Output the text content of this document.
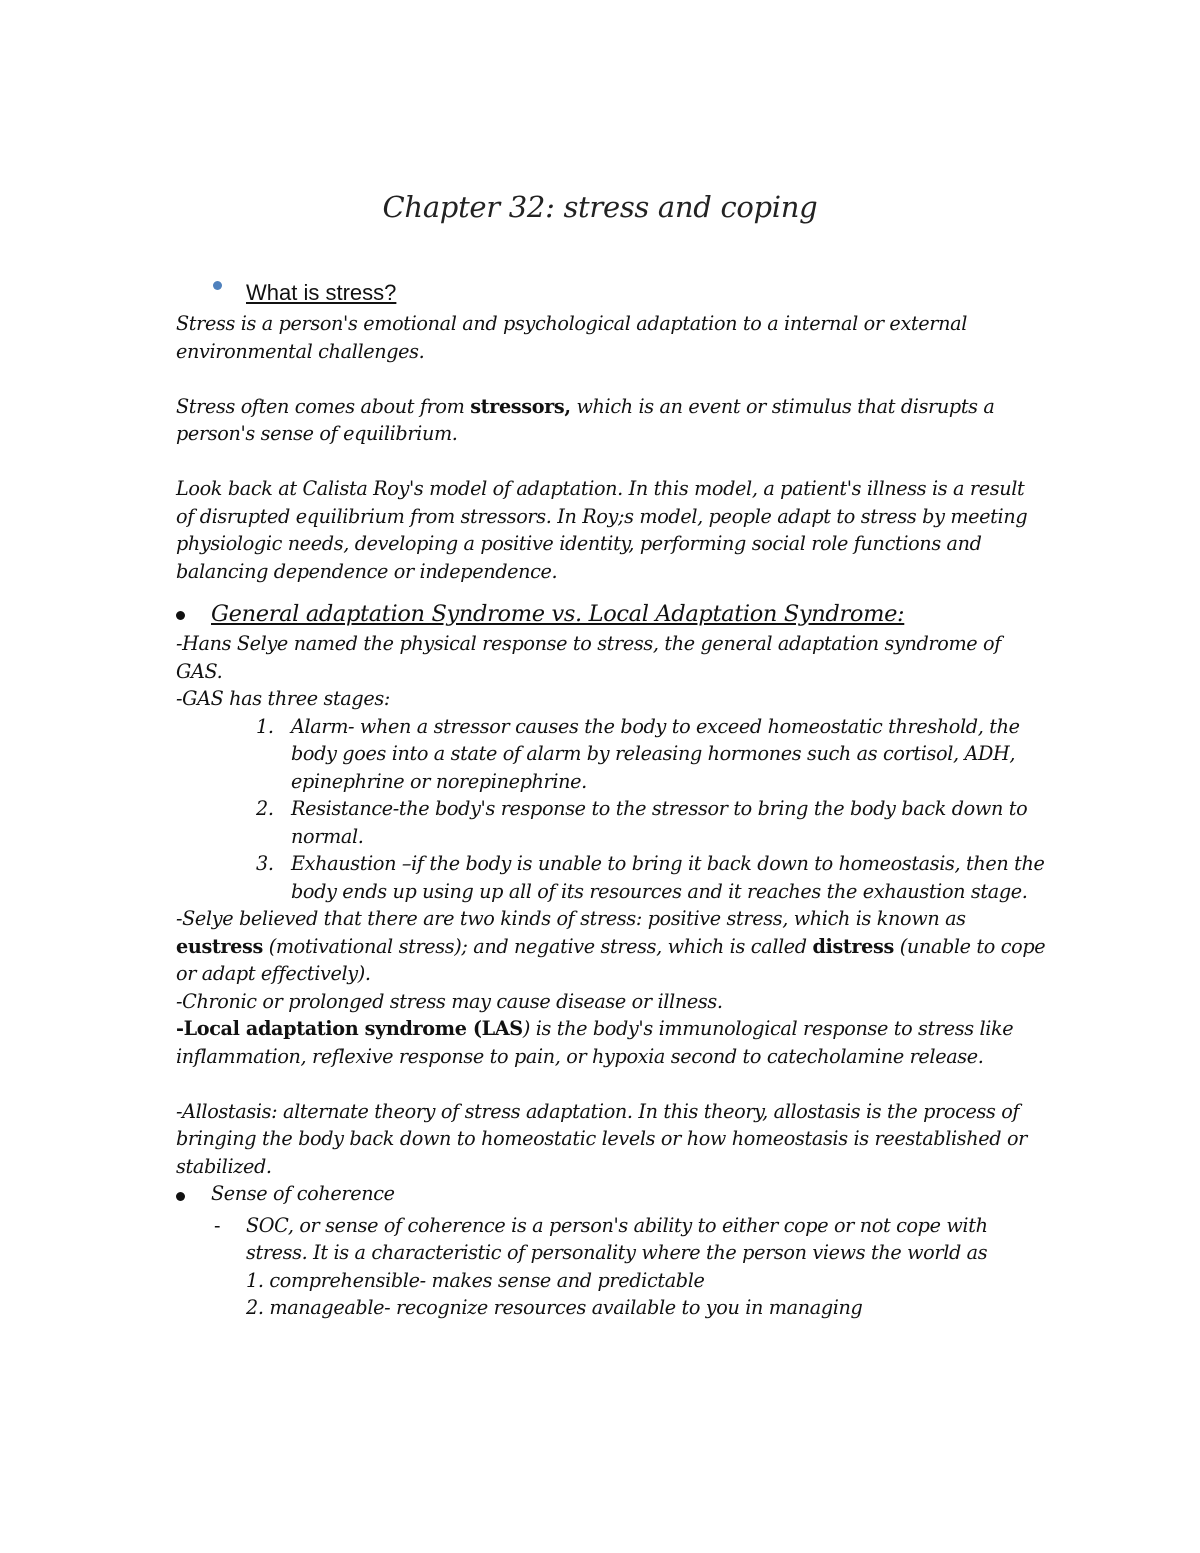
Chapter 32: stress and coping
What is stress?

Stress is a person's emotional and psychological adaptation to a internal or external environmental challenges.

Stress often comes about from stressors, which is an event or stimulus that disrupts a person's sense of equilibrium.

Look back at Calista Roy's model of adaptation. In this model, a patient's illness is a result of disrupted equilibrium from stressors. In Roy;s model, people adapt to stress by meeting physiologic needs, developing a positive identity, performing social role functions and balancing dependence or independence.

General adaptation Syndrome vs. Local Adaptation Syndrome:

-Hans Selye named the physical response to stress, the general adaptation syndrome of GAS.

-GAS has three stages:

1. Alarm- when a stressor causes the body to exceed homeostatic threshold, the body goes into a state of alarm by releasing hormones such as cortisol, ADH, epinephrine or norepinephrine.
2. Resistance-the body's response to the stressor to bring the body back down to normal.
3. Exhaustion –if the body is unable to bring it back down to homeostasis, then the body ends up using up all of its resources and it reaches the exhaustion stage.

-Selye believed that there are two kinds of stress: positive stress, which is known as eustress (motivational stress); and negative stress, which is called distress (unable to cope or adapt effectively).

-Chronic or prolonged stress may cause disease or illness.

-Local adaptation syndrome (LAS) is the body's immunological response to stress like inflammation, reflexive response to pain, or hypoxia second to catecholamine release.

-Allostasis: alternate theory of stress adaptation. In this theory, allostasis is the process of bringing the body back down to homeostatic levels or how homeostasis is reestablished or stabilized.

Sense of coherence
- SOC, or sense of coherence is a person's ability to either cope or not cope with stress. It is a characteristic of personality where the person views the world as
1. comprehensible- makes sense and predictable
2. manageable- recognize resources available to you in managing
